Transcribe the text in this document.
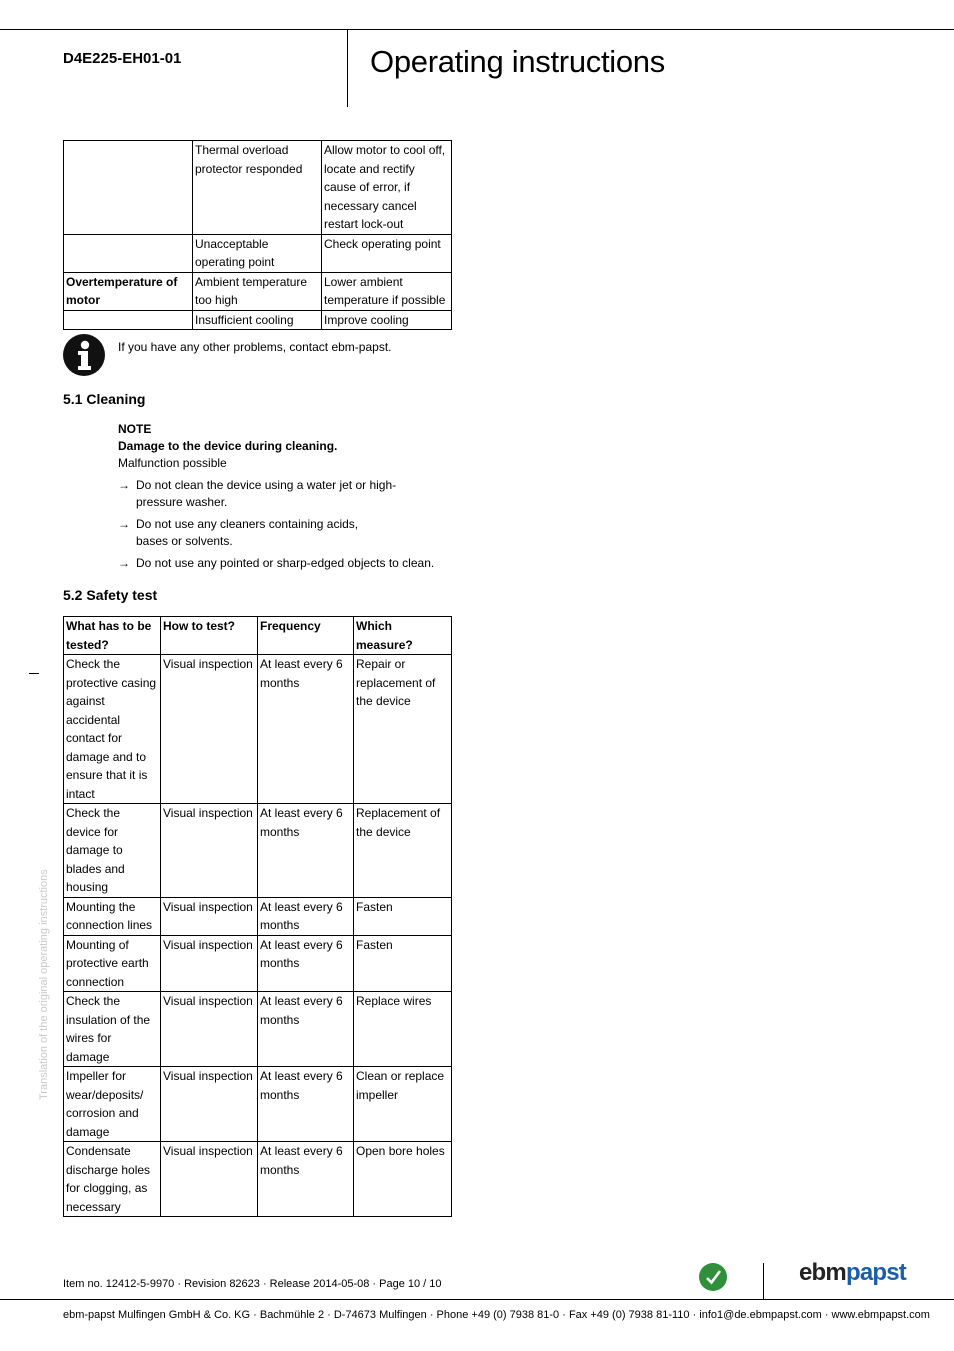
D4E225-EH01-01	Operating instructions
	Thermal overload protector responded	Allow motor to cool off, locate and rectify cause of error, if necessary cancel restart lock-out
	Unacceptable operating point	Check operating point
Overtemperature of motor	Ambient temperature too high	Lower ambient temperature if possible
	Insufficient cooling	Improve cooling
If you have any other problems, contact ebm-papst.
5.1 Cleaning
NOTE
Damage to the device during cleaning.
Malfunction possible
→ Do not clean the device using a water jet or high-pressure washer.
→ Do not use any cleaners containing acids, bases or solvents.
→ Do not use any pointed or sharp-edged objects to clean.
5.2 Safety test
What has to be tested?	How to test?	Frequency	Which measure?
Check the protective casing against accidental contact for damage and to ensure that it is intact	Visual inspection	At least every 6 months	Repair or replacement of the device
Check the device for damage to blades and housing	Visual inspection	At least every 6 months	Replacement of the device
Mounting the connection lines	Visual inspection	At least every 6 months	Fasten
Mounting of protective earth connection	Visual inspection	At least every 6 months	Fasten
Check the insulation of the wires for damage	Visual inspection	At least every 6 months	Replace wires
Impeller for wear/deposits/ corrosion and damage	Visual inspection	At least every 6 months	Clean or replace impeller
Condensate discharge holes for clogging, as necessary	Visual inspection	At least every 6 months	Open bore holes
Translation of the original operating instructions
Item no. 12412-5-9970 · Revision 82623 · Release 2014-05-08 · Page 10 / 10	ebmpapst
ebm-papst Mulfingen GmbH & Co. KG · Bachmühle 2 · D-74673 Mulfingen · Phone +49 (0) 7938 81-0 · Fax +49 (0) 7938 81-110 · info1@de.ebmpapst.com · www.ebmpapst.com
